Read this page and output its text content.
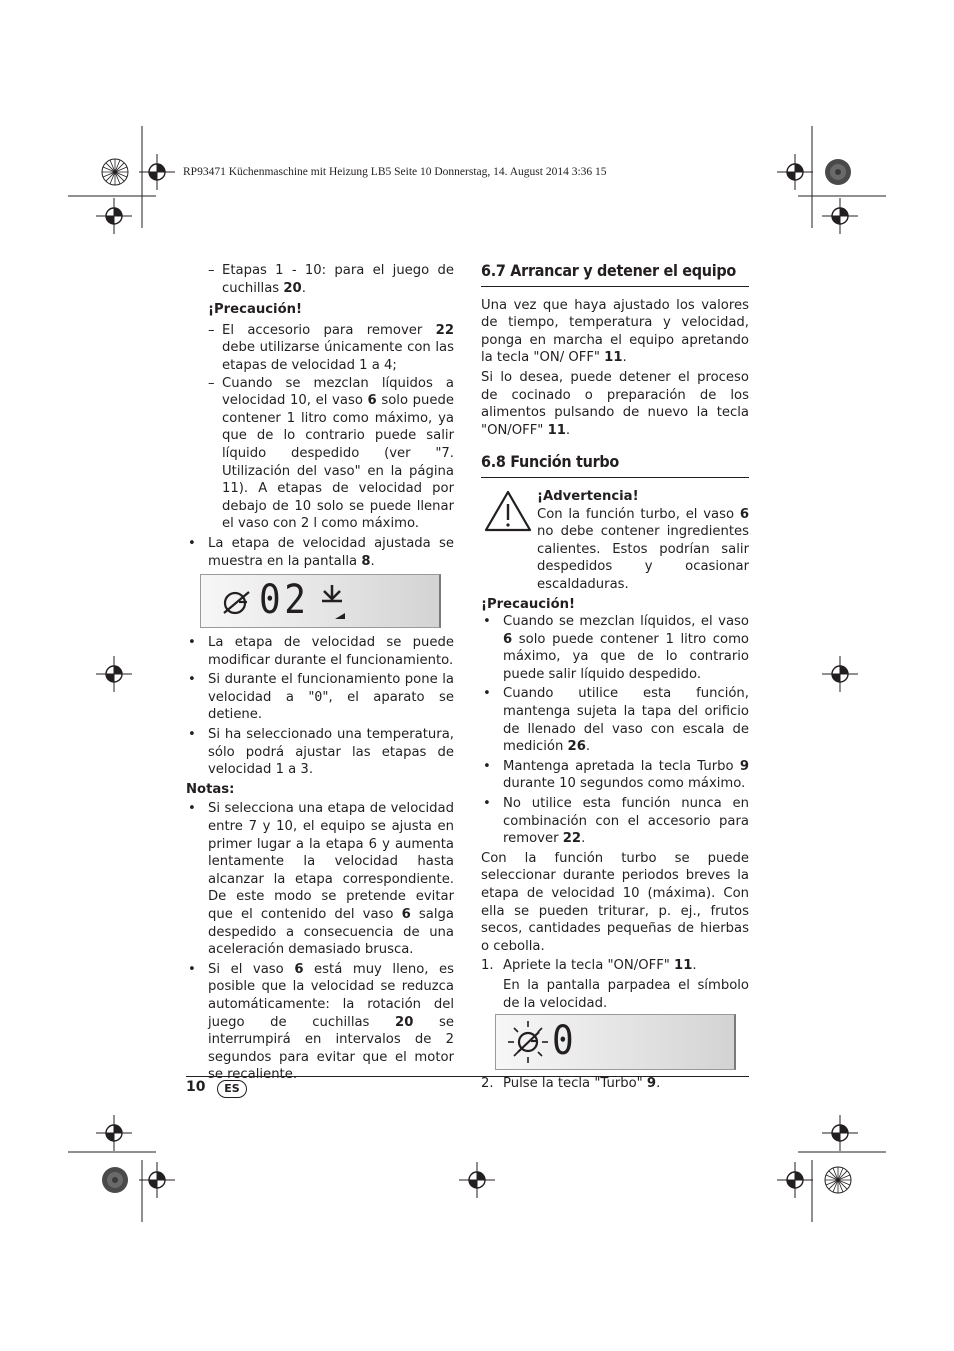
RP93471 Küchenmaschine mit Heizung LB5 Seite 10 Donnerstag, 14. August 2014 3:36 15

– Etapas 1 - 10: para el juego de cuchillas 20.

¡Precaución!

– El accesorio para remover 22 debe utilizarse únicamente con las etapas de velocidad 1 a 4;

– Cuando se mezclan líquidos a velocidad 10, el vaso 6 solo puede contener 1 litro como máximo, ya que de lo contrario puede salir líquido despedido (ver "7. Utilización del vaso" en la página 11). A etapas de velocidad por debajo de 10 solo se puede llenar el vaso con 2 l como máximo.

• La etapa de velocidad ajustada se muestra en la pantalla 8.

02

• La etapa de velocidad se puede modificar durante el funcionamiento.

• Si durante el funcionamiento pone la velocidad a "0", el aparato se detiene.

• Si ha seleccionado una temperatura, sólo podrá ajustar las etapas de velocidad 1 a 3.

Notas:

• Si selecciona una etapa de velocidad entre 7 y 10, el equipo se ajusta en primer lugar a la etapa 6 y aumenta lentamente la velocidad hasta alcanzar la etapa correspondiente. De este modo se pretende evitar que el contenido del vaso 6 salga despedido a consecuencia de una aceleración demasiado brusca.

• Si el vaso 6 está muy lleno, es posible que la velocidad se reduzca automáticamente: la rotación del juego de cuchillas 20 se interrumpirá en intervalos de 2 segundos para evitar que el motor se recaliente.

6.7 Arrancar y detener el equipo

Una vez que haya ajustado los valores de tiempo, temperatura y velocidad, ponga en marcha el equipo apretando la tecla "ON/ OFF" 11.

Si lo desea, puede detener el proceso de cocinado o preparación de los alimentos pulsando de nuevo la tecla "ON/OFF" 11.

6.8 Función turbo

¡Advertencia!

Con la función turbo, el vaso 6 no debe contener ingredientes calientes. Estos podrían salir despedidos y ocasionar escaldaduras.

¡Precaución!

• Cuando se mezclan líquidos, el vaso 6 solo puede contener 1 litro como máximo, ya que de lo contrario puede salir líquido despedido.

• Cuando utilice esta función, mantenga sujeta la tapa del orificio de llenado del vaso con escala de medición 26.

• Mantenga apretada la tecla Turbo 9 durante 10 segundos como máximo.

• No utilice esta función nunca en combinación con el accesorio para remover 22.

Con la función turbo se puede seleccionar durante periodos breves la etapa de velocidad 10 (máxima). Con ella se pueden triturar, p. ej., frutos secos, cantidades pequeñas de hierbas o cebolla.

1. Apriete la tecla "ON/OFF" 11.

En la pantalla parpadea el símbolo de la velocidad.

0

2. Pulse la tecla "Turbo" 9.

10	ES
